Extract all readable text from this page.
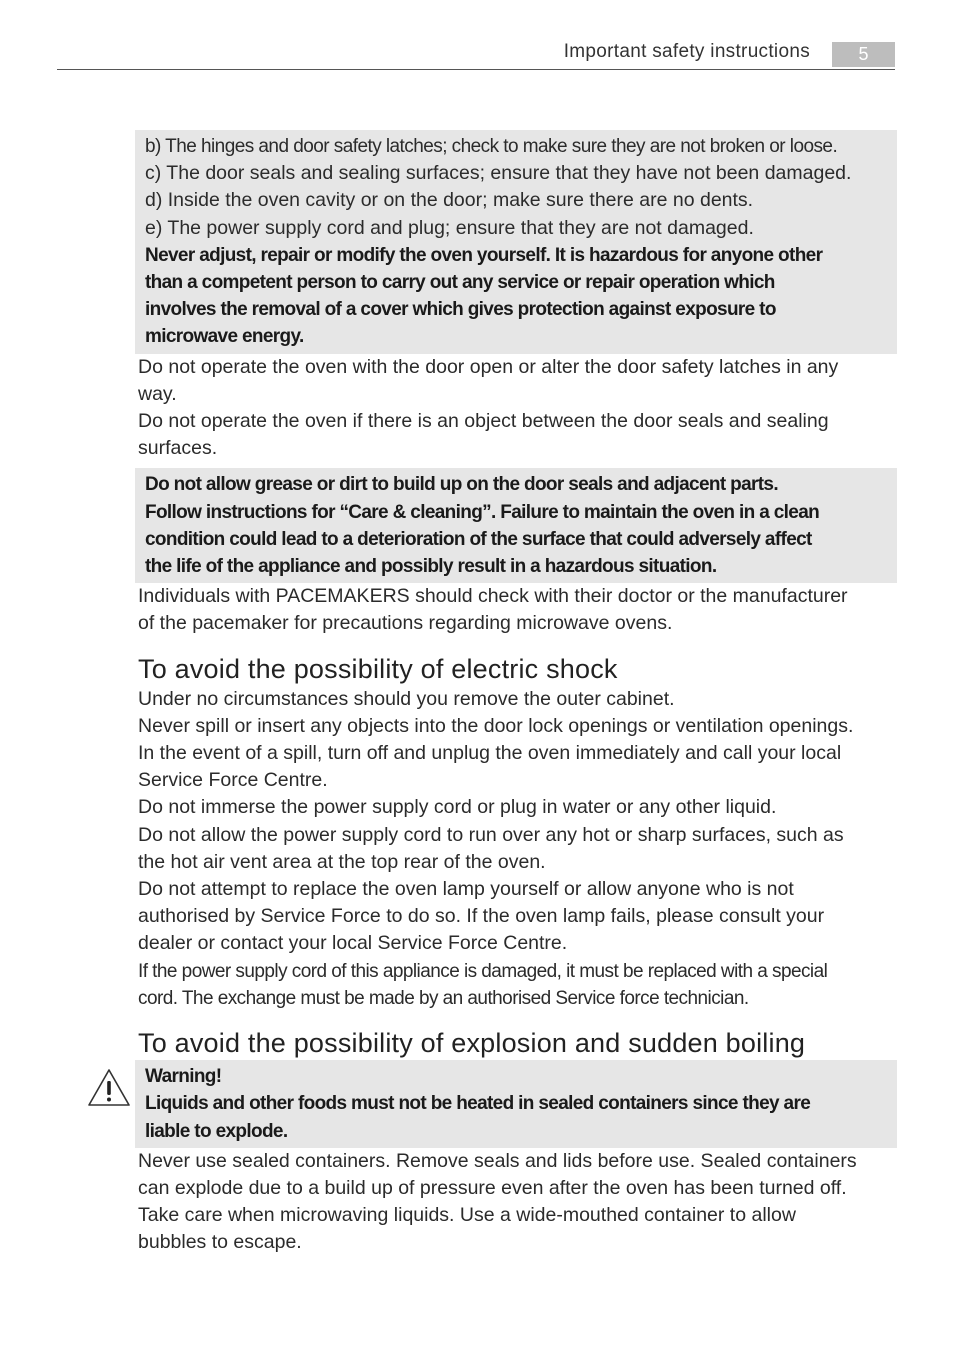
Important safety instructions	5
b) The hinges and door safety latches; check to make sure they are not broken or loose.
c) The door seals and sealing surfaces; ensure that they have not been damaged.
d) Inside the oven cavity or on the door; make sure there are no dents.
e) The power supply cord and plug; ensure that they are not damaged.
Never adjust, repair or modify the oven yourself. It is hazardous for anyone other
than a competent person to carry out any service or repair operation which
involves the removal of a cover which gives protection against exposure to
microwave energy.
Do not operate the oven with the door open or alter the door safety latches in any
way.
Do not operate the oven if there is an object between the door seals and sealing
surfaces.
Do not allow grease or dirt to build up on the door seals and adjacent parts.
Follow instructions for “Care & cleaning”. Failure to maintain the oven in a clean
condition could lead to a deterioration of the surface that could adversely affect
the life of the appliance and possibly result in a hazardous situation.
Individuals with PACEMAKERS should check with their doctor or the manufacturer
of the pacemaker for precautions regarding microwave ovens.
To avoid the possibility of electric shock
Under no circumstances should you remove the outer cabinet.
Never spill or insert any objects into the door lock openings or ventilation openings.
In the event of a spill, turn off and unplug the oven immediately and call your local
Service Force Centre.
Do not immerse the power supply cord or plug in water or any other liquid.
Do not allow the power supply cord to run over any hot or sharp surfaces, such as
the hot air vent area at the top rear of the oven.
Do not attempt to replace the oven lamp yourself or allow anyone who is not
authorised by Service Force to do so. If the oven lamp fails, please consult your
dealer or contact your local Service Force Centre.
If the power supply cord of this appliance is damaged, it must be replaced with a special
cord. The exchange must be made by an authorised Service force technician.
To avoid the possibility of explosion and sudden boiling
Warning!
Liquids and other foods must not be heated in sealed containers since they are
liable to explode.
Never use sealed containers. Remove seals and lids before use. Sealed containers
can explode due to a build up of pressure even after the oven has been turned off.
Take care when microwaving liquids. Use a wide-mouthed container to allow
bubbles to escape.
